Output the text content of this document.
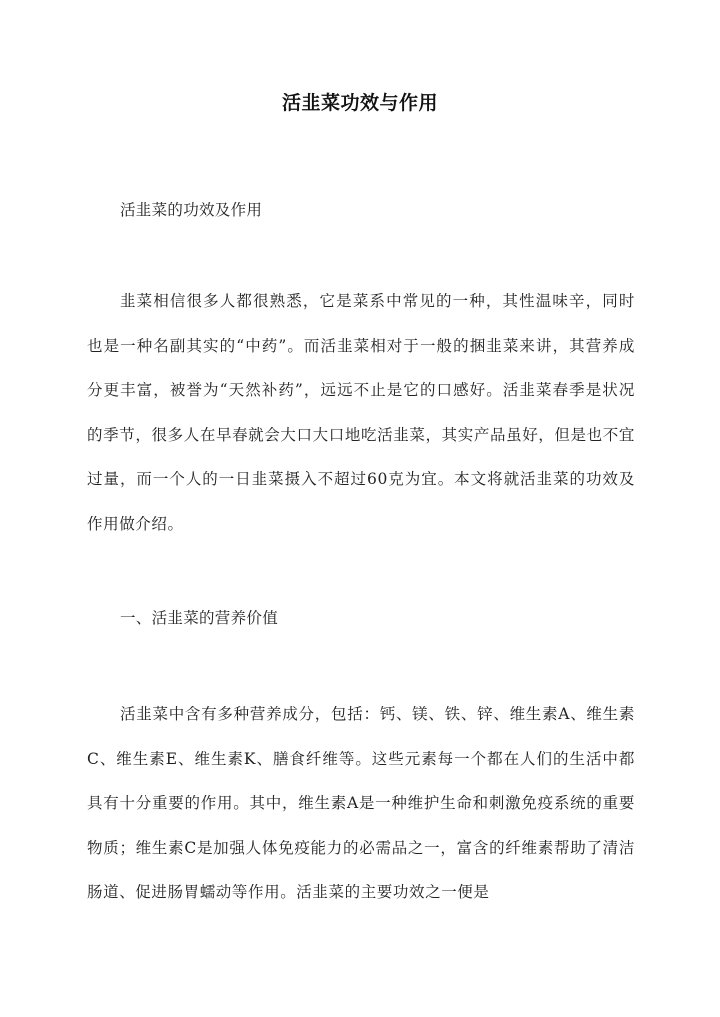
活韭菜功效与作用

活韭菜的功效及作用

韭菜相信很多人都很熟悉，它是菜系中常见的一种，其性温味辛，同时也是一种名副其实的“中药”。而活韭菜相对于一般的捆韭菜来讲，其营养成分更丰富，被誉为“天然补药”，远远不止是它的口感好。活韭菜春季是状况的季节，很多人在早春就会大口大口地吃活韭菜，其实产品虽好，但是也不宜过量，而一个人的一日韭菜摄入不超过60克为宜。本文将就活韭菜的功效及作用做介绍。

一、活韭菜的营养价值

活韭菜中含有多种营养成分，包括：钙、镁、铁、锌、维生素A、维生素C、维生素E、维生素K、膳食纤维等。这些元素每一个都在人们的生活中都具有十分重要的作用。其中，维生素A是一种维护生命和刺激免疫系统的重要物质；维生素C是加强人体免疫能力的必需品之一，富含的纤维素帮助了清洁肠道、促进肠胃蠕动等作用。活韭菜的主要功效之一便是
